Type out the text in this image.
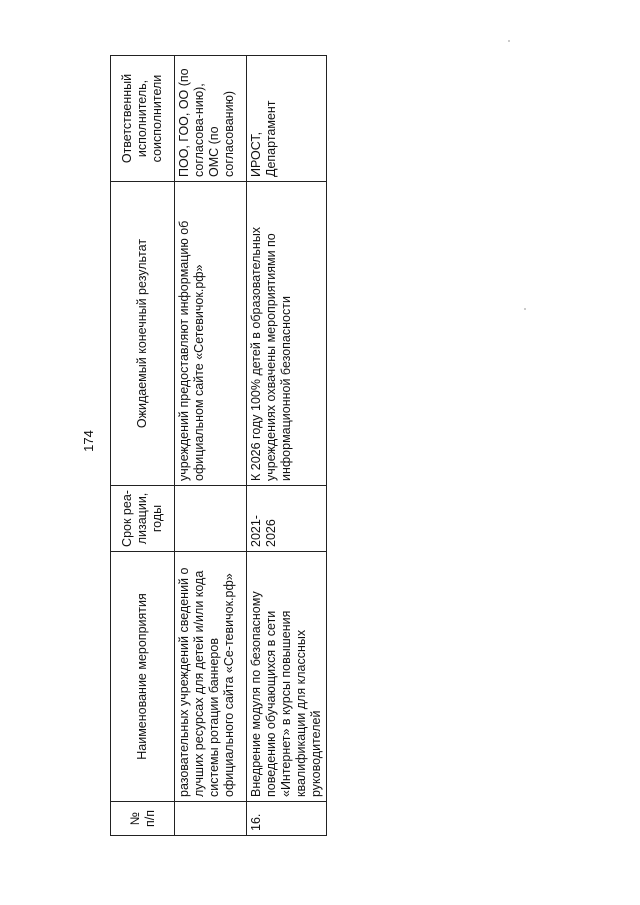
174
№ п/п	Наименование мероприятия	Срок реа-лизации, годы	Ожидаемый конечный результат	Ответственный исполнитель, соисполнители
	разовательных учреждений сведений о лучших ресурсах для детей и/или кода системы ротации баннеров официального сайта «Се-тевичок.рф»		учреждений предоставляют информацию об официальном сайте «Сетевичок.рф»	ПОО, ГОО, ОО (по согласова-нию), ОМС (по согласованию)
16.	Внедрение модуля по безопасному поведению обучающихся в сети «Интернет» в курсы повышения квалификации для классных руководителей	2021-2026	К 2026 году 100% детей в образовательных учреждениях охвачены мероприятиями по информационной безопасности	ИРОСТ, Департамент
